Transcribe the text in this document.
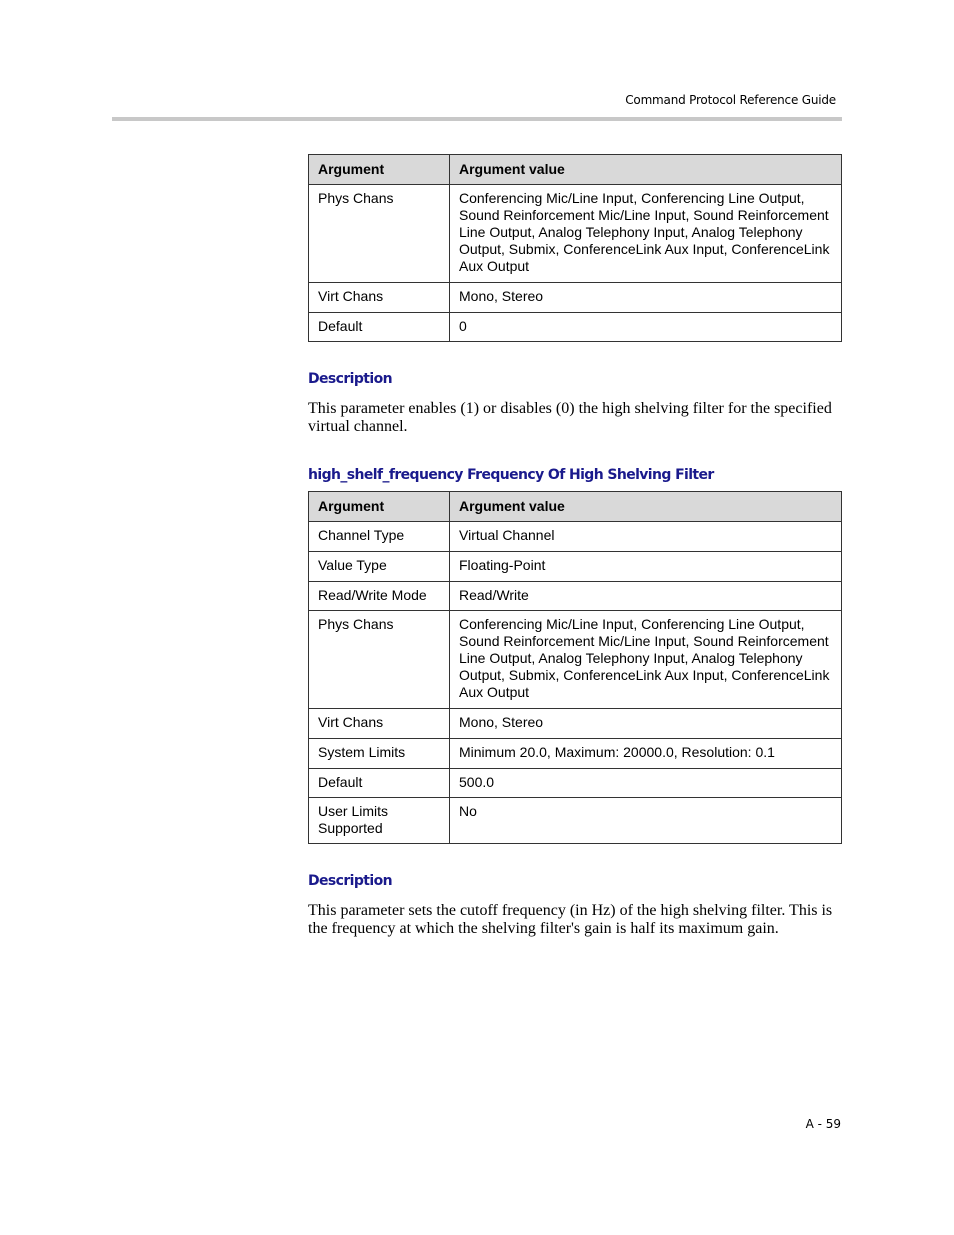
Command Protocol Reference Guide
Argument	Argument value
Phys Chans	Conferencing Mic/Line Input, Conferencing Line Output, Sound Reinforcement Mic/Line Input, Sound Reinforcement Line Output, Analog Telephony Input, Analog Telephony Output, Submix, ConferenceLink Aux Input, ConferenceLink Aux Output
Virt Chans	Mono, Stereo
Default	0
Description
This parameter enables (1) or disables (0) the high shelving filter for the specified virtual channel.
high_shelf_frequency Frequency Of High Shelving Filter
Argument	Argument value
Channel Type	Virtual Channel
Value Type	Floating-Point
Read/Write Mode	Read/Write
Phys Chans	Conferencing Mic/Line Input, Conferencing Line Output, Sound Reinforcement Mic/Line Input, Sound Reinforcement Line Output, Analog Telephony Input, Analog Telephony Output, Submix, ConferenceLink Aux Input, ConferenceLink Aux Output
Virt Chans	Mono, Stereo
System Limits	Minimum 20.0, Maximum: 20000.0, Resolution: 0.1
Default	500.0
User Limits Supported	No
Description
This parameter sets the cutoff frequency (in Hz) of the high shelving filter. This is the frequency at which the shelving filter's gain is half its maximum gain.
A - 59
